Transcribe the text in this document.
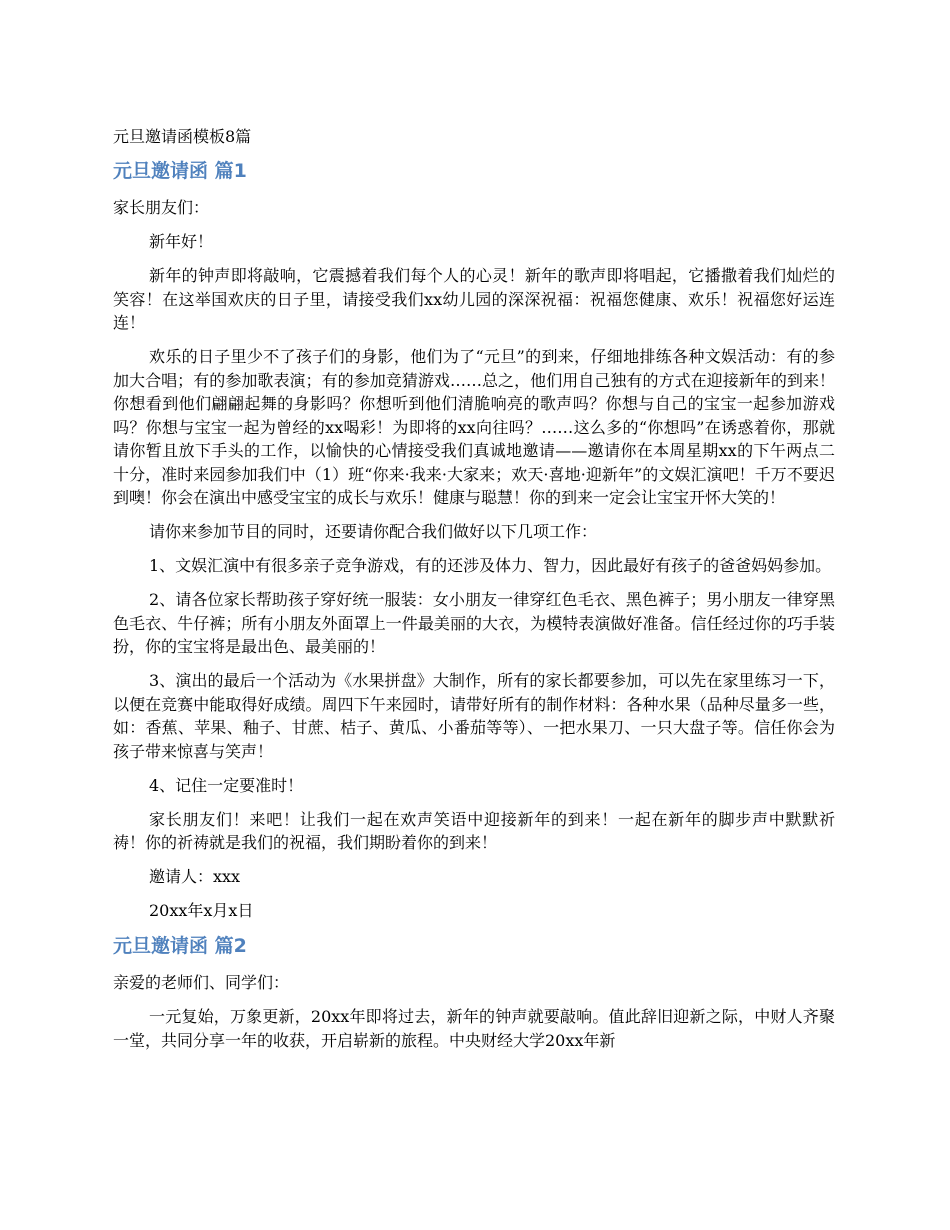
元旦邀请函模板8篇
元旦邀请函 篇1

家长朋友们：

新年好！

新年的钟声即将敲响，它震撼着我们每个人的心灵！新年的歌声即将唱起，它播撒着我们灿烂的笑容！在这举国欢庆的日子里，请接受我们xx幼儿园的深深祝福：祝福您健康、欢乐！祝福您好运连连！

欢乐的日子里少不了孩子们的身影，他们为了“元旦”的到来，仔细地排练各种文娱活动：有的参加大合唱；有的参加歌表演；有的参加竞猜游戏……总之，他们用自己独有的方式在迎接新年的到来！你想看到他们翩翩起舞的身影吗？你想听到他们清脆响亮的歌声吗？你想与自己的宝宝一起参加游戏吗？你想与宝宝一起为曾经的xx喝彩！为即将的xx向往吗？……这么多的“你想吗”在诱惑着你，那就请你暂且放下手头的工作，以愉快的心情接受我们真诚地邀请——邀请你在本周星期xx的下午两点二十分，准时来园参加我们中（1）班“你来·我来·大家来；欢天·喜地·迎新年”的文娱汇演吧！千万不要迟到噢！你会在演出中感受宝宝的成长与欢乐！健康与聪慧！你的到来一定会让宝宝开怀大笑的！

请你来参加节目的同时，还要请你配合我们做好以下几项工作：

1、文娱汇演中有很多亲子竞争游戏，有的还涉及体力、智力，因此最好有孩子的爸爸妈妈参加。

2、请各位家长帮助孩子穿好统一服装：女小朋友一律穿红色毛衣、黑色裤子；男小朋友一律穿黑色毛衣、牛仔裤；所有小朋友外面罩上一件最美丽的大衣，为模特表演做好准备。信任经过你的巧手装扮，你的宝宝将是最出色、最美丽的！

3、演出的最后一个活动为《水果拼盘》大制作，所有的家长都要参加，可以先在家里练习一下，以便在竞赛中能取得好成绩。周四下午来园时，请带好所有的制作材料：各种水果（品种尽量多一些，如：香蕉、苹果、釉子、甘蔗、桔子、黄瓜、小番茄等等）、一把水果刀、一只大盘子等。信任你会为孩子带来惊喜与笑声！

4、记住一定要准时！

家长朋友们！来吧！让我们一起在欢声笑语中迎接新年的到来！一起在新年的脚步声中默默祈祷！你的祈祷就是我们的祝福，我们期盼着你的到来！

邀请人：xxx

20xx年x月x日

元旦邀请函 篇2

亲爱的老师们、同学们：

一元复始，万象更新，20xx年即将过去，新年的钟声就要敲响。值此辞旧迎新之际，中财人齐聚一堂，共同分享一年的收获，开启崭新的旅程。中央财经大学20xx年新
